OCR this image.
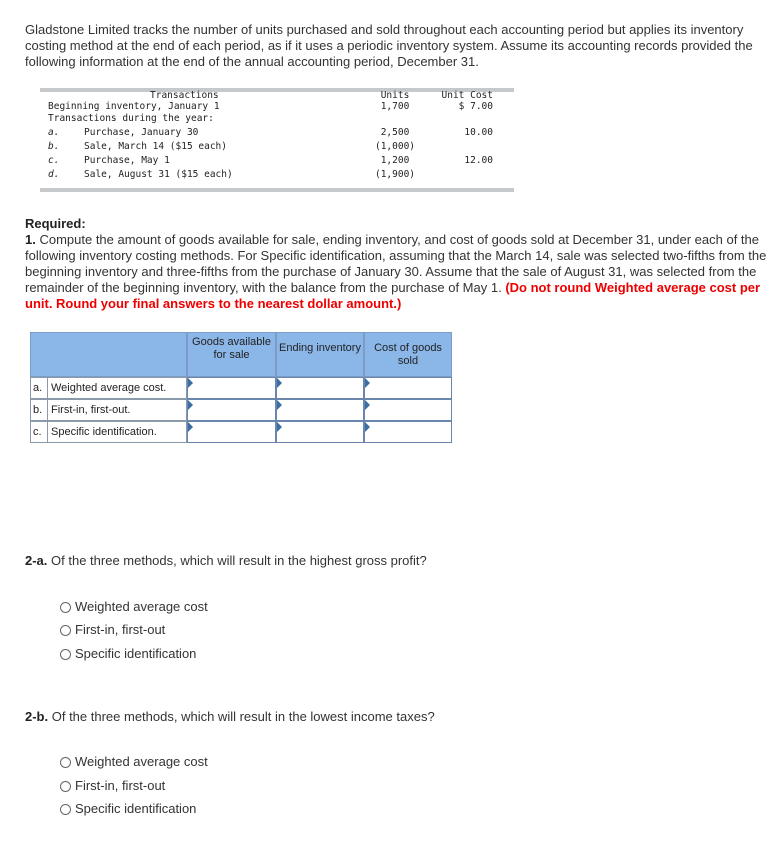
Gladstone Limited tracks the number of units purchased and sold throughout each accounting period but applies its inventory costing method at the end of each period, as if it uses a periodic inventory system. Assume its accounting records provided the following information at the end of the annual accounting period, December 31.
Transactions	Units	Unit Cost
Beginning inventory, January 1	1,700	$ 7.00
Transactions during the year:
a.	Purchase, January 30	2,500	10.00
b.	Sale, March 14 ($15 each)	(1,000)
c.	Purchase, May 1	1,200	12.00
d.	Sale, August 31 ($15 each)	(1,900)
Required:
1. Compute the amount of goods available for sale, ending inventory, and cost of goods sold at December 31, under each of the following inventory costing methods. For Specific identification, assuming that the March 14, sale was selected two-fifths from the beginning inventory and three-fifths from the purchase of January 30. Assume that the sale of August 31, was selected from the remainder of the beginning inventory, with the balance from the purchase of May 1. (Do not round Weighted average cost per unit. Round your final answers to the nearest dollar amount.)
Goods available for sale
Ending inventory	Cost of goods sold
a. Weighted average cost.
b. First-in, first-out.
c. Specific identification.
2-a. Of the three methods, which will result in the highest gross profit?
Weighted average cost
First-in, first-out
Specific identification
2-b. Of the three methods, which will result in the lowest income taxes?
Weighted average cost
First-in, first-out
Specific identification
